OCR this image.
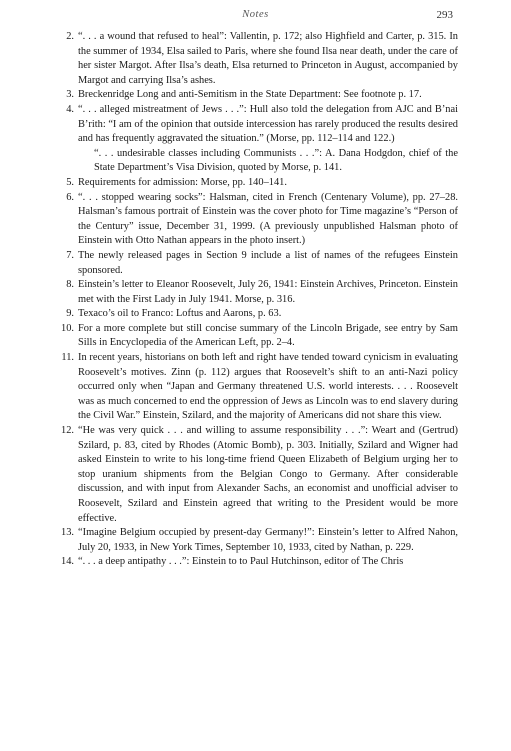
Notes	293
2. “. . . a wound that refused to heal”: Vallentin, p. 172; also Highfield and Carter, p. 315. In the summer of 1934, Elsa sailed to Paris, where she found Ilsa near death, under the care of her sister Margot. After Ilsa’s death, Elsa returned to Princeton in August, accompanied by Margot and carrying Ilsa’s ashes.
3. Breckenridge Long and anti-Semitism in the State Department: See footnote p. 17.
4. “. . . alleged mistreatment of Jews . . .”: Hull also told the delegation from AJC and B’nai B’rith: “I am of the opinion that outside intercession has rarely produced the results desired and has frequently aggravated the situation.” (Morse, pp. 112–114 and 122.)
“. . . undesirable classes including Communists . . .”: A. Dana Hodgdon, chief of the State Department’s Visa Division, quoted by Morse, p. 141.
5. Requirements for admission: Morse, pp. 140–141.
6. “. . . stopped wearing socks”: Halsman, cited in French (Centenary Volume), pp. 27–28. Halsman’s famous portrait of Einstein was the cover photo for Time magazine’s “Person of the Century” issue, December 31, 1999. (A previously unpublished Halsman photo of Einstein with Otto Nathan appears in the photo insert.)
7. The newly released pages in Section 9 include a list of names of the refugees Einstein sponsored.
8. Einstein’s letter to Eleanor Roosevelt, July 26, 1941: Einstein Archives, Princeton. Einstein met with the First Lady in July 1941. Morse, p. 316.
9. Texaco’s oil to Franco: Loftus and Aarons, p. 63.
10. For a more complete but still concise summary of the Lincoln Brigade, see entry by Sam Sills in Encyclopedia of the American Left, pp. 2–4.
11. In recent years, historians on both left and right have tended toward cynicism in evaluating Roosevelt’s motives. Zinn (p. 112) argues that Roosevelt’s shift to an anti-Nazi policy occurred only when “Japan and Germany threatened U.S. world interests. . . . Roosevelt was as much concerned to end the oppression of Jews as Lincoln was to end slavery during the Civil War.” Einstein, Szilard, and the majority of Americans did not share this view.
12. “He was very quick . . . and willing to assume responsibility . . .”: Weart and (Gertrud) Szilard, p. 83, cited by Rhodes (Atomic Bomb), p. 303. Initially, Szilard and Wigner had asked Einstein to write to his long-time friend Queen Elizabeth of Belgium urging her to stop uranium shipments from the Belgian Congo to Germany. After considerable discussion, and with input from Alexander Sachs, an economist and unofficial adviser to Roosevelt, Szilard and Einstein agreed that writing to the President would be more effective.
13. “Imagine Belgium occupied by present-day Germany!”: Einstein’s letter to Alfred Nahon, July 20, 1933, in New York Times, September 10, 1933, cited by Nathan, p. 229.
14. “. . . a deep antipathy . . .”: Einstein to to Paul Hutchinson, editor of The Chris
